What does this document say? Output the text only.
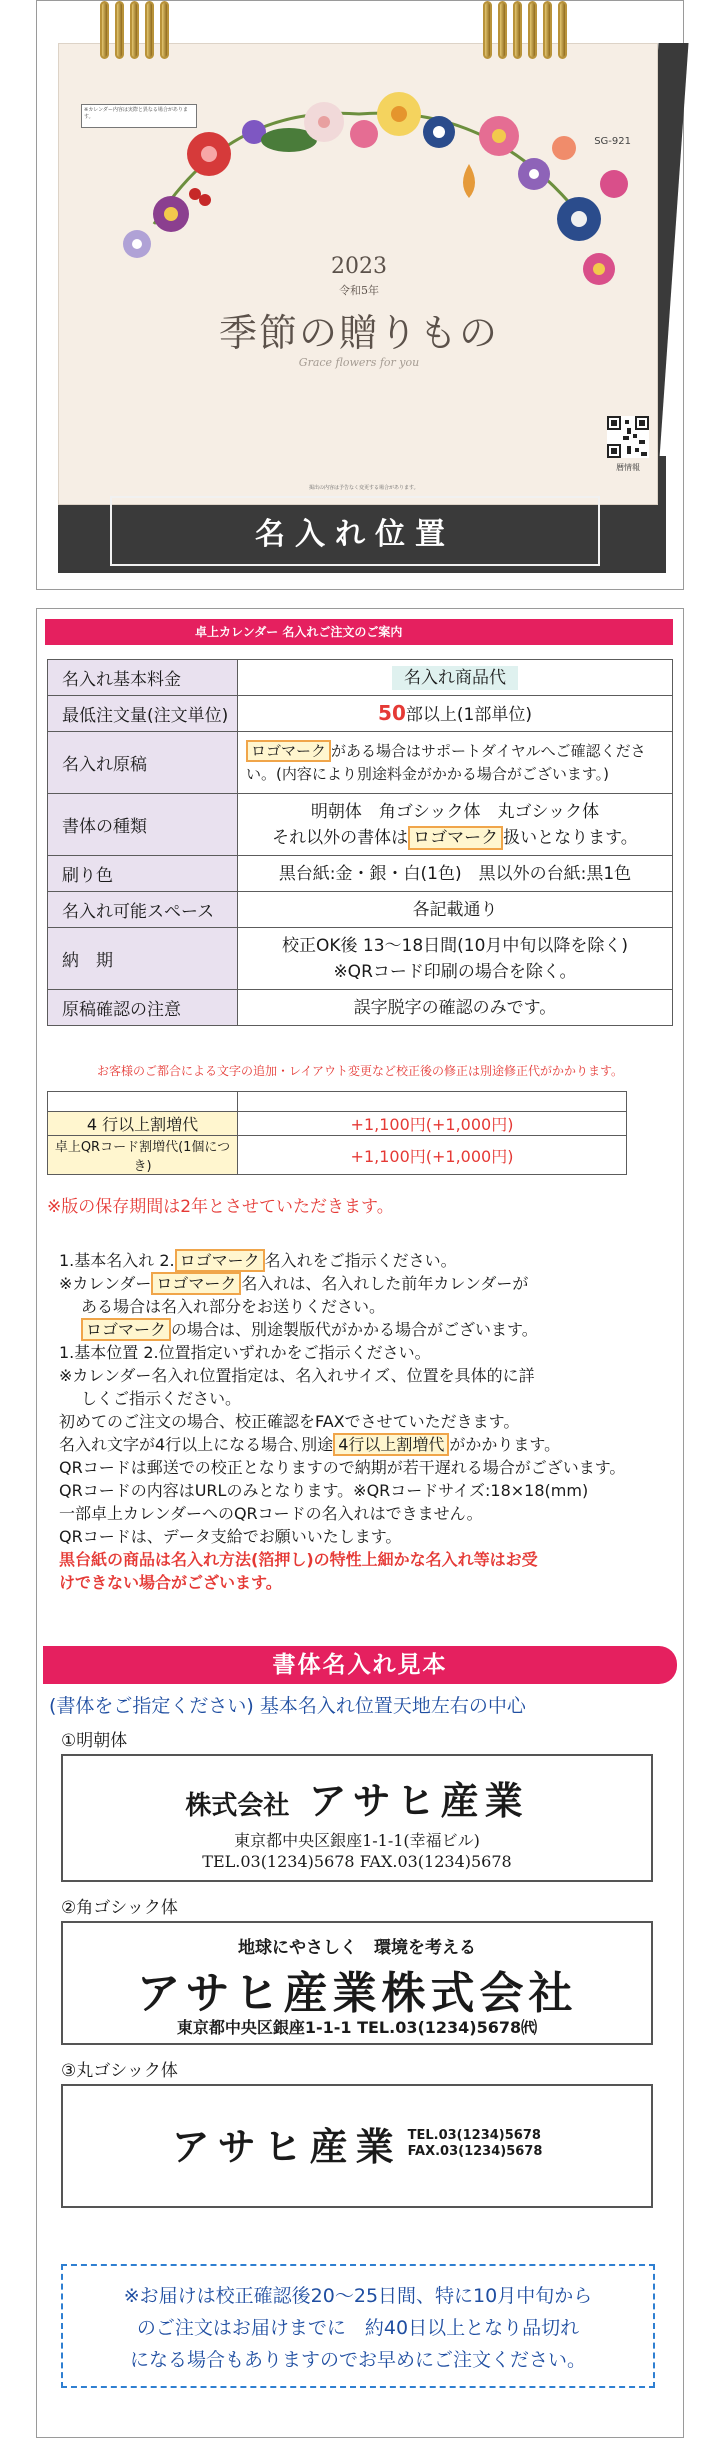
※カレンダー内容は実際と異なる場合があります。
SG-921
2023
令和5年
季節の贈りもの
Grace flowers for you
暦情報
掲出の内容は予告なく変更する場合があります。
名入れ位置
卓上カレンダー 名入れご注文のご案内
名入れ基本料金	名入れ商品代
最低注文量(注文単位)	50部以上(1部単位)
名入れ原稿	ロゴマーク がある場合はサポートダイヤルへご確認ください。(内容により別途料金がかかる場合がございます。)
書体の種類	明朝体　角ゴシック体　丸ゴシック体
それ以外の書体は ロゴマーク 扱いとなります。

刷り色	黒台紙:金・銀・白(1色)　黒以外の台紙:黒1色
名入れ可能スペース	各記載通り
納　期	校正OK後 13〜18日間(10月中旬以降を除く)
※QRコード印刷の場合を除く。

原稿確認の注意	誤字脱字の確認のみです。
お客様のご都合による文字の追加・レイアウト変更など校正後の修正は別途修正代がかかります。

4 行以上割増代	+1,100円(+1,000円)
卓上QRコード割増代(1個につき)	+1,100円(+1,000円)
※版の保存期間は2年とさせていただきます。

1.基本名入れ 2. ロゴマーク 名入れをご指示ください。

※カレンダー ロゴマーク 名入れは、名入れした前年カレンダーが

ある場合は名入れ部分をお送りください。

ロゴマーク の場合は、別途製版代がかかる場合がございます。

1.基本位置 2.位置指定いずれかをご指示ください。

※カレンダー名入れ位置指定は、名入れサイズ、位置を具体的に詳

しくご指示ください。

初めてのご注文の場合、校正確認をFAXでさせていただきます。

名入れ文字が4行以上になる場合､別途 4行以上割増代 がかかります。

QRコードは郵送での校正となりますので納期が若干遅れる場合がございます。

QRコードの内容はURLのみとなります。※QRコードサイズ:18×18(mm)

一部卓上カレンダーへのQRコードの名入れはできません。

QRコードは、データ支給でお願いいたします。

黒台紙の商品は名入れ方法(箔押し)の特性上細かな名入れ等はお受

けできない場合がございます。

書体名入れ見本
(書体をご指定ください) 基本名入れ位置天地左右の中心
①明朝体
株式会社 アサヒ産業
東京都中央区銀座1-1-1(幸福ビル)
TEL.03(1234)5678 FAX.03(1234)5678
②角ゴシック体
地球にやさしく　環境を考える
アサヒ産業株式会社
東京都中央区銀座1-1-1 TEL.03(1234)5678㈹
③丸ゴシック体
アサヒ産業 TEL.03(1234)5678
FAX.03(1234)5678
※お届けは校正確認後20〜25日間、特に10月中旬から
のご注文はお届けまでに　約40日以上となり品切れ
になる場合もありますのでお早めにご注文ください。
